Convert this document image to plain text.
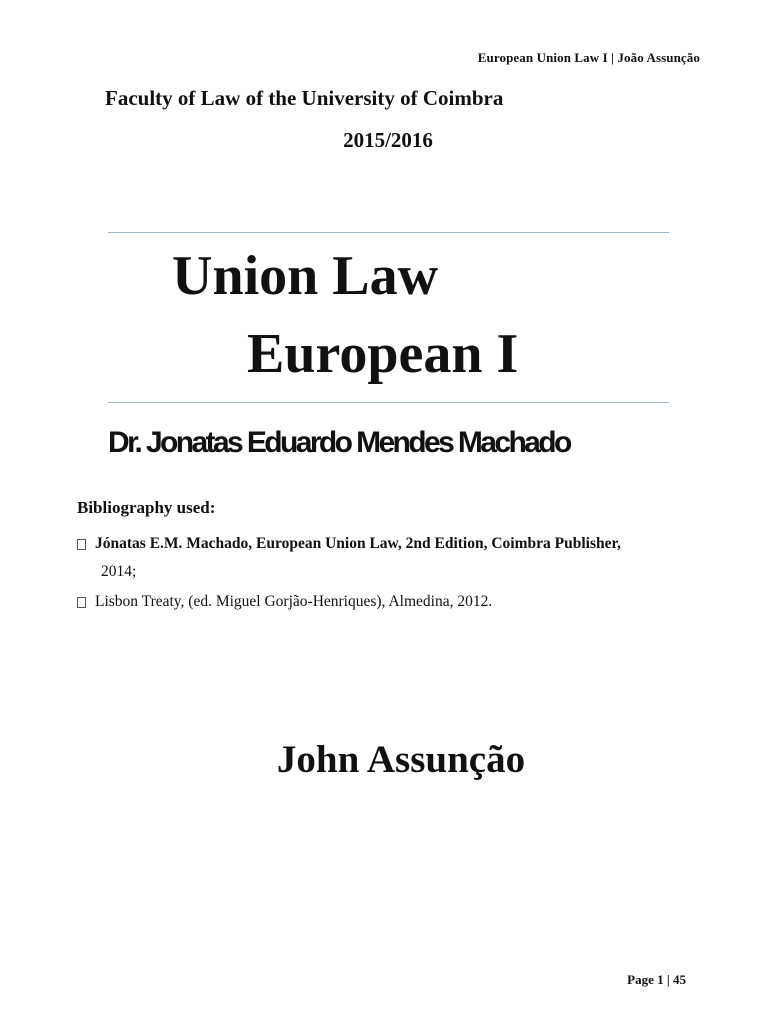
European Union Law I | João Assunção
Faculty of Law of the University of Coimbra
2015/2016
Union Law
European I
Dr. Jonatas Eduardo Mendes Machado
Bibliography used:
Jónatas E.M. Machado, European Union Law, 2nd Edition, Coimbra Publisher,
2014;
Lisbon Treaty, (ed. Miguel Gorjão-Henriques), Almedina, 2012.
John Assunção
Page 1 | 45
